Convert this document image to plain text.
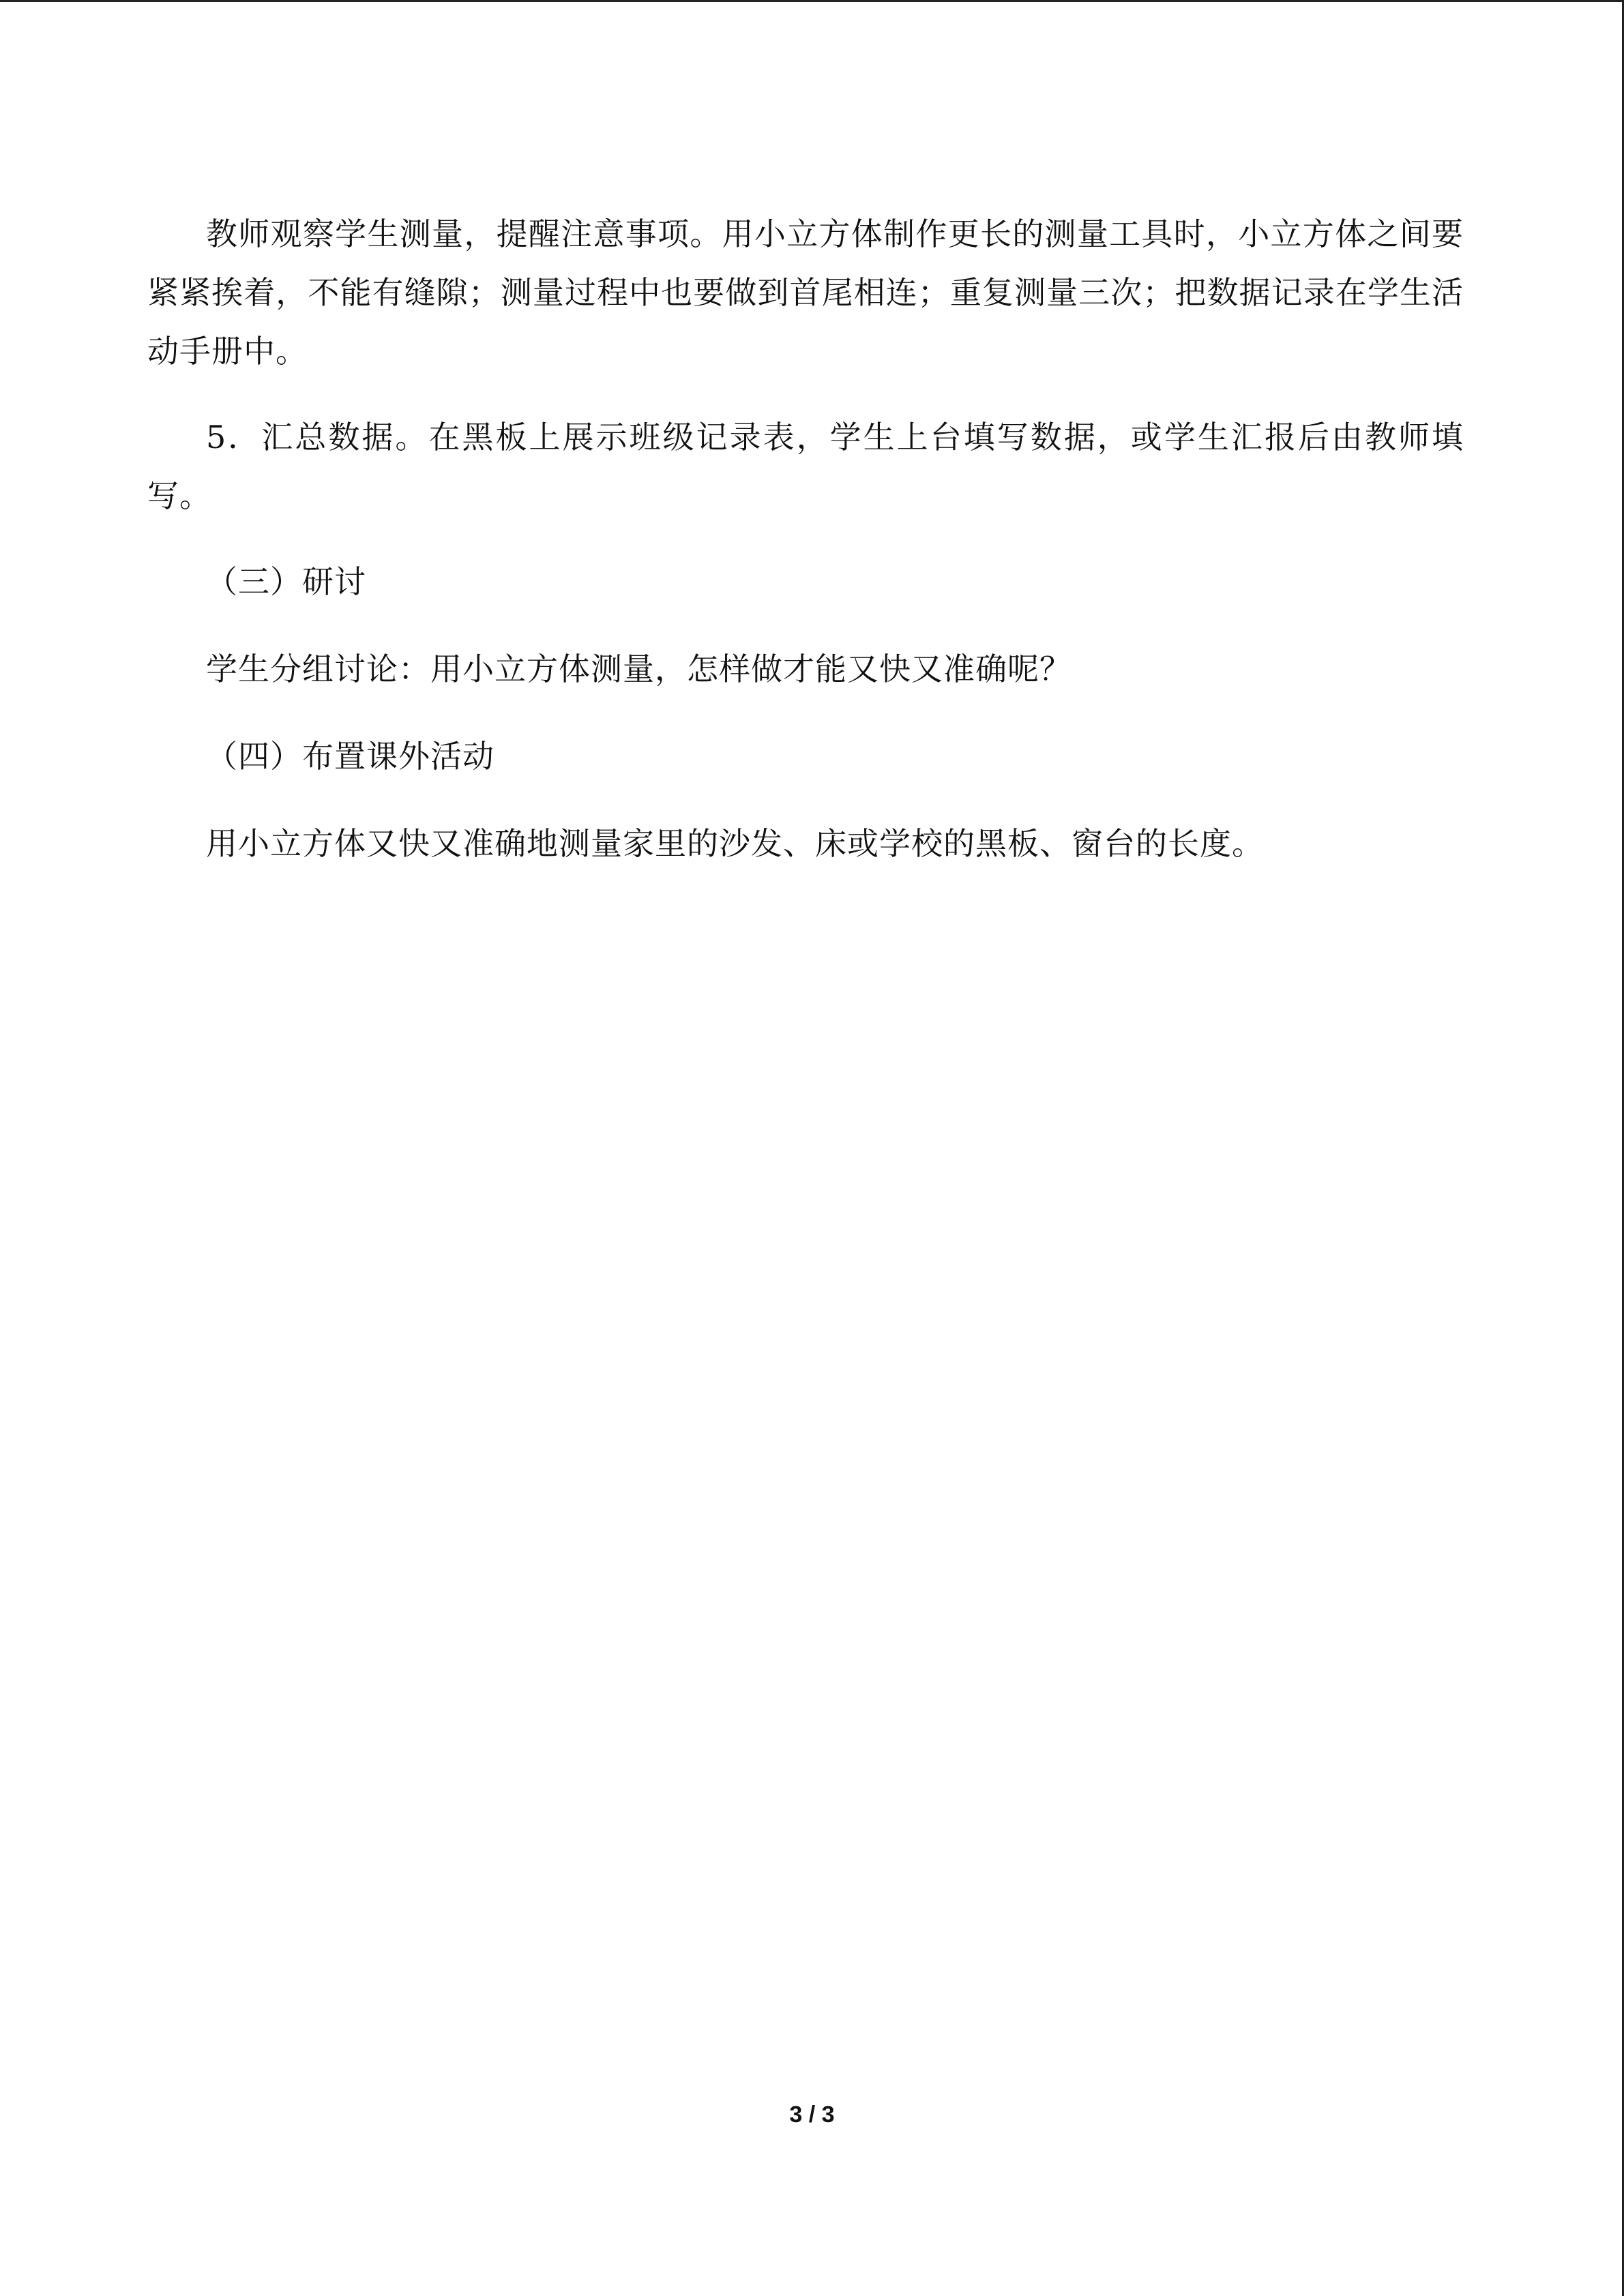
教师观察学生测量，提醒注意事项。用小立方体制作更长的测量工具时，小立方体之间要紧紧挨着，不能有缝隙；测量过程中也要做到首尾相连；重复测量三次；把数据记录在学生活动手册中。

5．汇总数据。在黑板上展示班级记录表，学生上台填写数据，或学生汇报后由教师填写。

（三）研讨

学生分组讨论：用小立方体测量，怎样做才能又快又准确呢？

（四）布置课外活动

用小立方体又快又准确地测量家里的沙发、床或学校的黑板、窗台的长度。

3 / 3
